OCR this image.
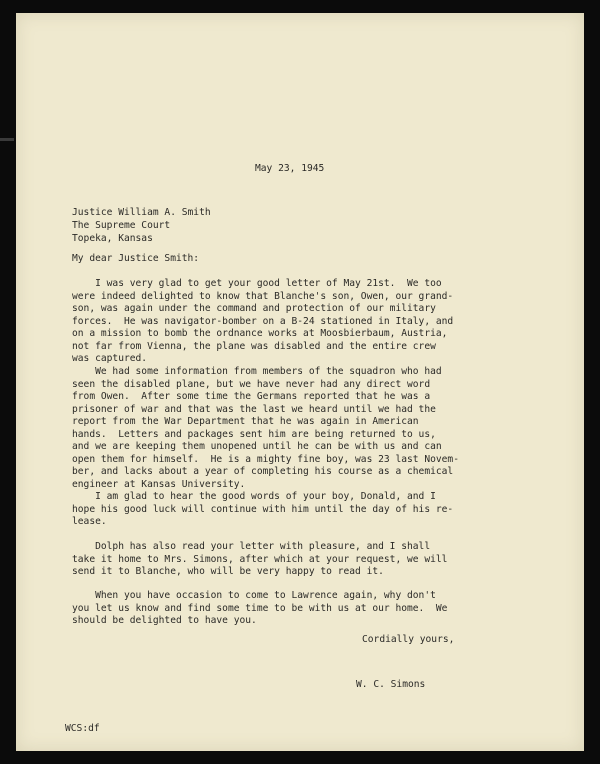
May 23, 1945
Justice William A. Smith
The Supreme Court
Topeka, Kansas
My dear Justice Smith:
I was very glad to get your good letter of May 21st.  We too
were indeed delighted to know that Blanche's son, Owen, our grand-
son, was again under the command and protection of our military
forces.  He was navigator-bomber on a B-24 stationed in Italy, and
on a mission to bomb the ordnance works at Moosbierbaum, Austria,
not far from Vienna, the plane was disabled and the entire crew
was captured.
We had some information from members of the squadron who had
seen the disabled plane, but we have never had any direct word
from Owen.  After some time the Germans reported that he was a
prisoner of war and that was the last we heard until we had the
report from the War Department that he was again in American
hands.  Letters and packages sent him are being returned to us,
and we are keeping them unopened until he can be with us and can
open them for himself.  He is a mighty fine boy, was 23 last Novem-
ber, and lacks about a year of completing his course as a chemical
engineer at Kansas University.
I am glad to hear the good words of your boy, Donald, and I
hope his good luck will continue with him until the day of his re-
lease.
Dolph has also read your letter with pleasure, and I shall
take it home to Mrs. Simons, after which at your request, we will
send it to Blanche, who will be very happy to read it.
When you have occasion to come to Lawrence again, why don't
you let us know and find some time to be with us at our home.  We
should be delighted to have you.
Cordially yours,
W. C. Simons
WCS:df
